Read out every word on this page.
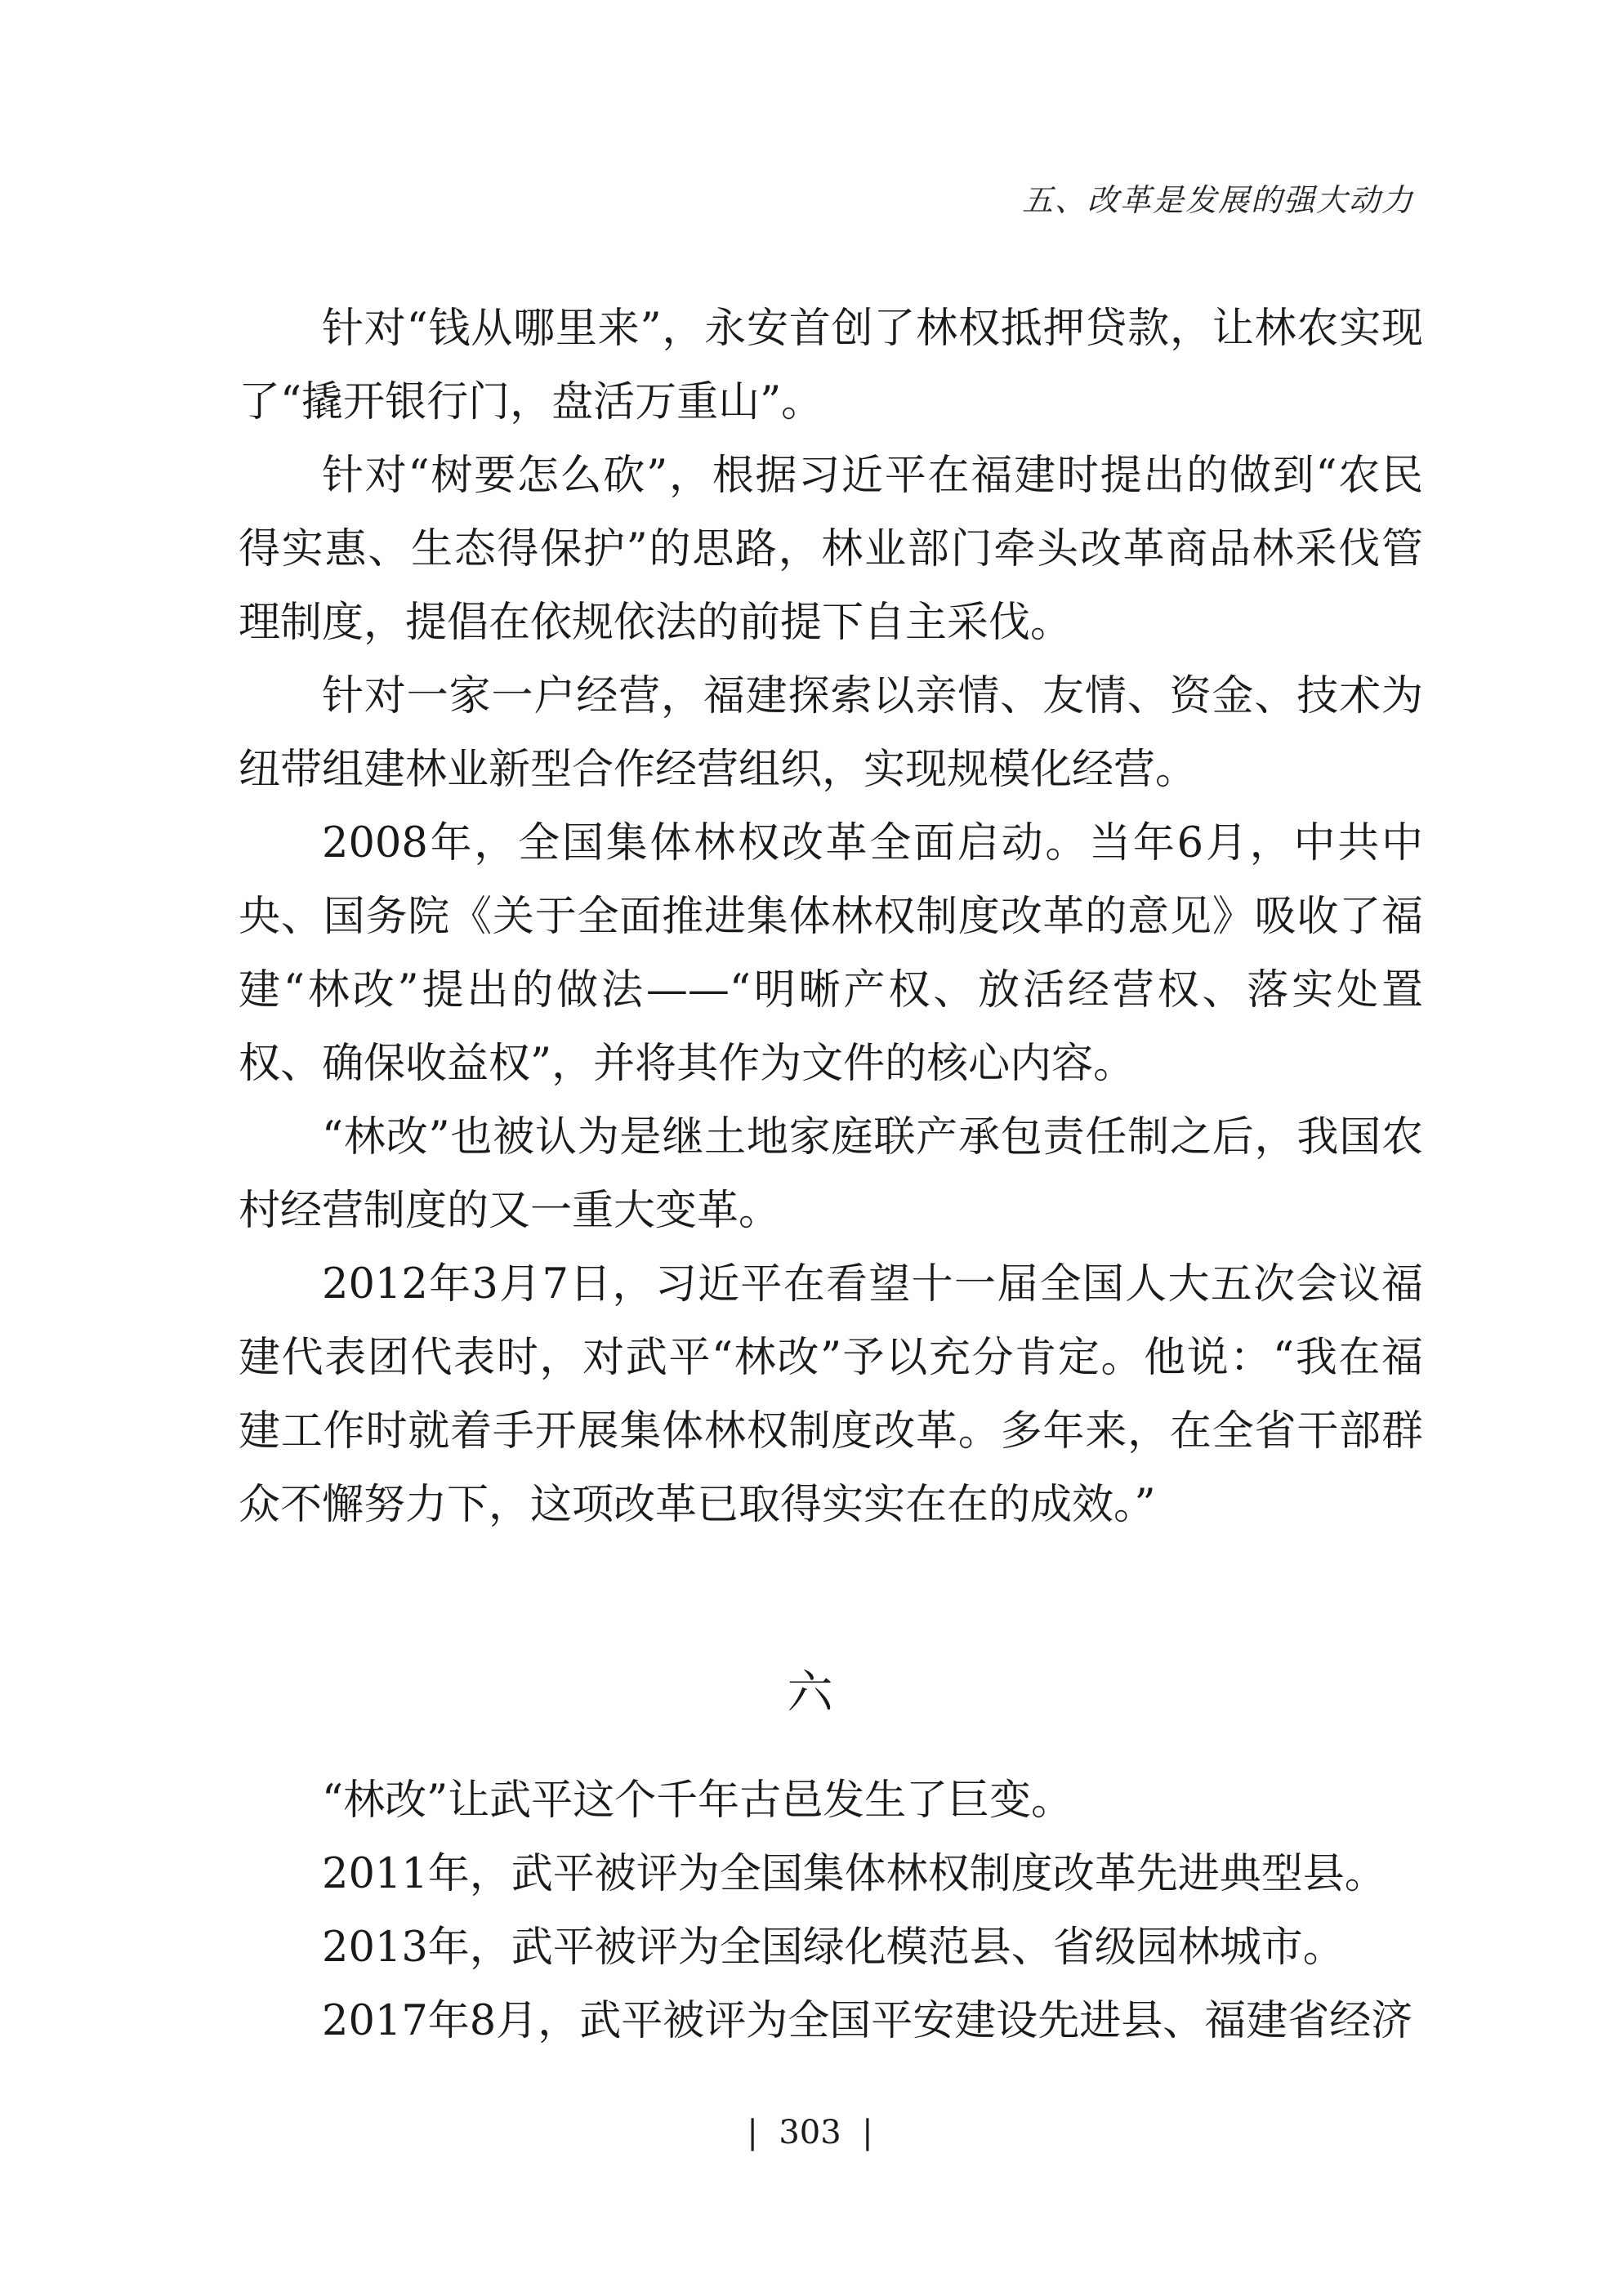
五、改革是发展的强大动力

针对“钱从哪里来”，永安首创了林权抵押贷款，让林农实现了“撬开银行门，盘活万重山”。

针对“树要怎么砍”，根据习近平在福建时提出的做到“农民得实惠、生态得保护”的思路，林业部门牵头改革商品林采伐管理制度，提倡在依规依法的前提下自主采伐。

针对一家一户经营，福建探索以亲情、友情、资金、技术为纽带组建林业新型合作经营组织，实现规模化经营。

2008年，全国集体林权改革全面启动。当年6月，中共中央、国务院《关于全面推进集体林权制度改革的意见》吸收了福建“林改”提出的做法——“明晰产权、放活经营权、落实处置权、确保收益权”，并将其作为文件的核心内容。

“林改”也被认为是继土地家庭联产承包责任制之后，我国农村经营制度的又一重大变革。

2012年3月7日，习近平在看望十一届全国人大五次会议福建代表团代表时，对武平“林改”予以充分肯定。他说：“我在福建工作时就着手开展集体林权制度改革。多年来，在全省干部群众不懈努力下，这项改革已取得实实在在的成效。”

六

“林改”让武平这个千年古邑发生了巨变。

2011年，武平被评为全国集体林权制度改革先进典型县。

2013年，武平被评为全国绿化模范县、省级园林城市。

2017年8月，武平被评为全国平安建设先进县、福建省经济

|  303  |
